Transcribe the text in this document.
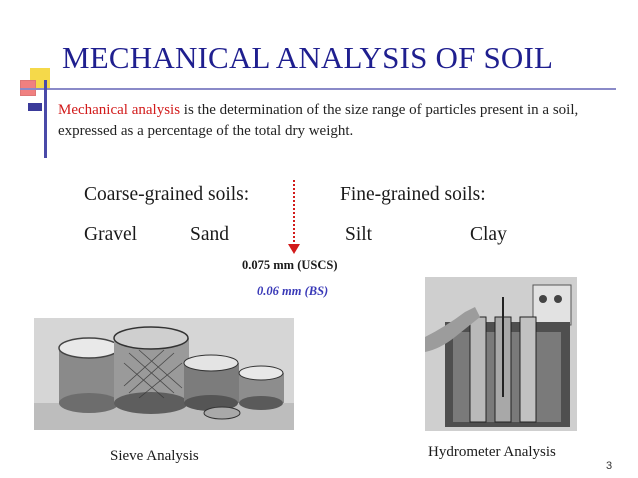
MECHANICAL ANALYSIS OF SOIL
Mechanical analysis is the determination of the size range of particles present in a soil, expressed as a percentage of the total dry weight.
Coarse-grained soils:	Fine-grained soils:
Gravel	Sand	Silt	Clay
0.075 mm (USCS)
0.06 mm (BS)
Sieve Analysis	Hydrometer Analysis
3
